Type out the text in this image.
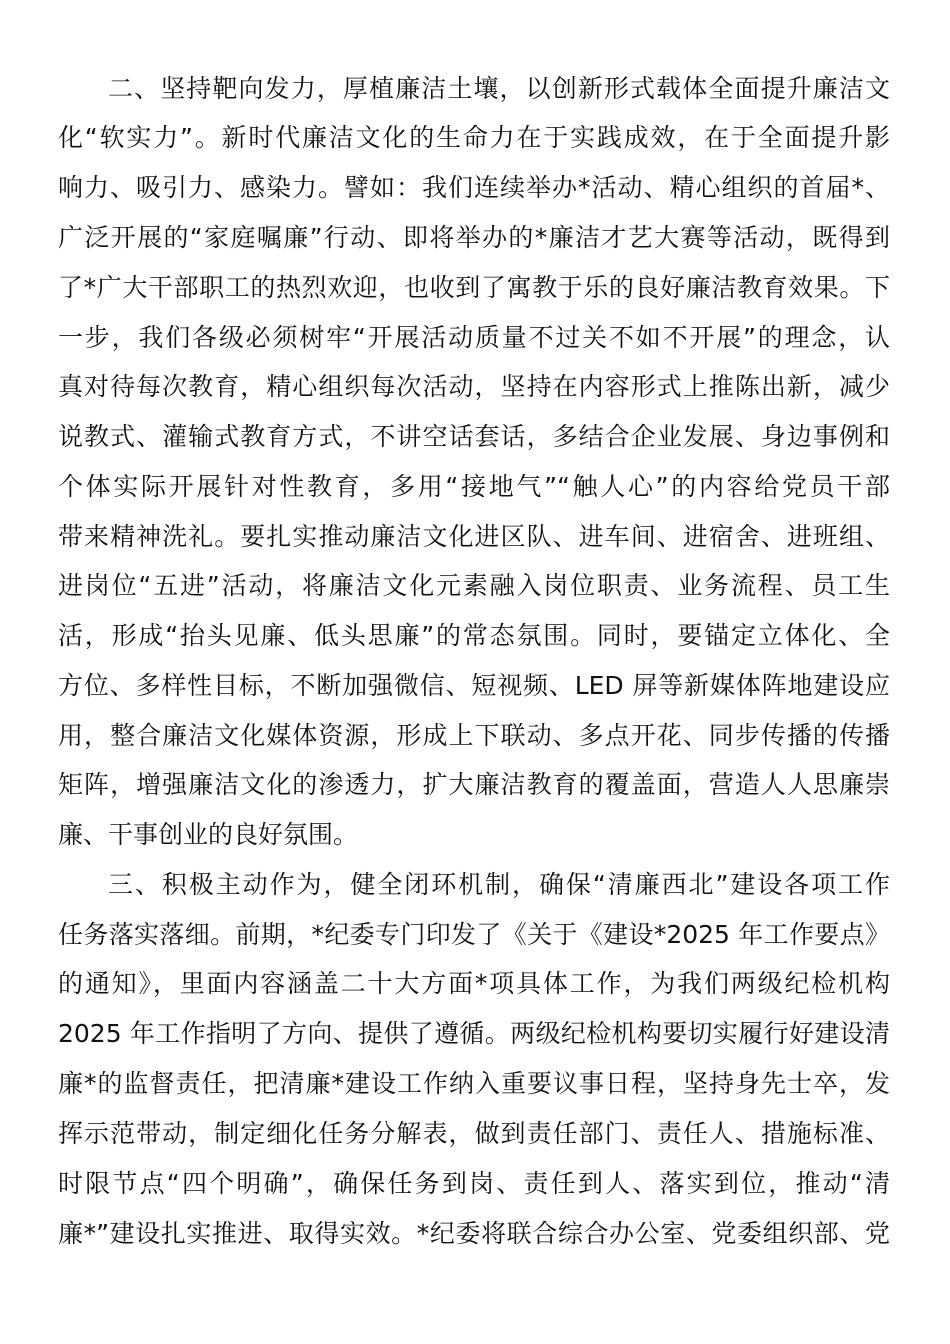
二、坚持靶向发力，厚植廉洁土壤，以创新形式载体全面提升廉洁文
化“软实力”。新时代廉洁文化的生命力在于实践成效，在于全面提升影
响力、吸引力、感染力。譬如：我们连续举办*活动、精心组织的首届*、
广泛开展的“家庭嘱廉”行动、即将举办的*廉洁才艺大赛等活动，既得到
了*广大干部职工的热烈欢迎，也收到了寓教于乐的良好廉洁教育效果。下
一步，我们各级必须树牢“开展活动质量不过关不如不开展”的理念，认
真对待每次教育，精心组织每次活动，坚持在内容形式上推陈出新，减少
说教式、灌输式教育方式，不讲空话套话，多结合企业发展、身边事例和
个体实际开展针对性教育，多用“接地气”“触人心”的内容给党员干部
带来精神洗礼。要扎实推动廉洁文化进区队、进车间、进宿舍、进班组、
进岗位“五进”活动，将廉洁文化元素融入岗位职责、业务流程、员工生
活，形成“抬头见廉、低头思廉”的常态氛围。同时，要锚定立体化、全
方位、多样性目标，不断加强微信、短视频、LED 屏等新媒体阵地建设应
用，整合廉洁文化媒体资源，形成上下联动、多点开花、同步传播的传播
矩阵，增强廉洁文化的渗透力，扩大廉洁教育的覆盖面，营造人人思廉崇
廉、干事创业的良好氛围。
三、积极主动作为，健全闭环机制，确保“清廉西北”建设各项工作
任务落实落细。前期，*纪委专门印发了《关于《建设*2025 年工作要点》
的通知》，里面内容涵盖二十大方面*项具体工作，为我们两级纪检机构
2025 年工作指明了方向、提供了遵循。两级纪检机构要切实履行好建设清
廉*的监督责任，把清廉*建设工作纳入重要议事日程，坚持身先士卒，发
挥示范带动，制定细化任务分解表，做到责任部门、责任人、措施标准、
时限节点“四个明确”，确保任务到岗、责任到人、落实到位，推动“清
廉*”建设扎实推进、取得实效。*纪委将联合综合办公室、党委组织部、党
